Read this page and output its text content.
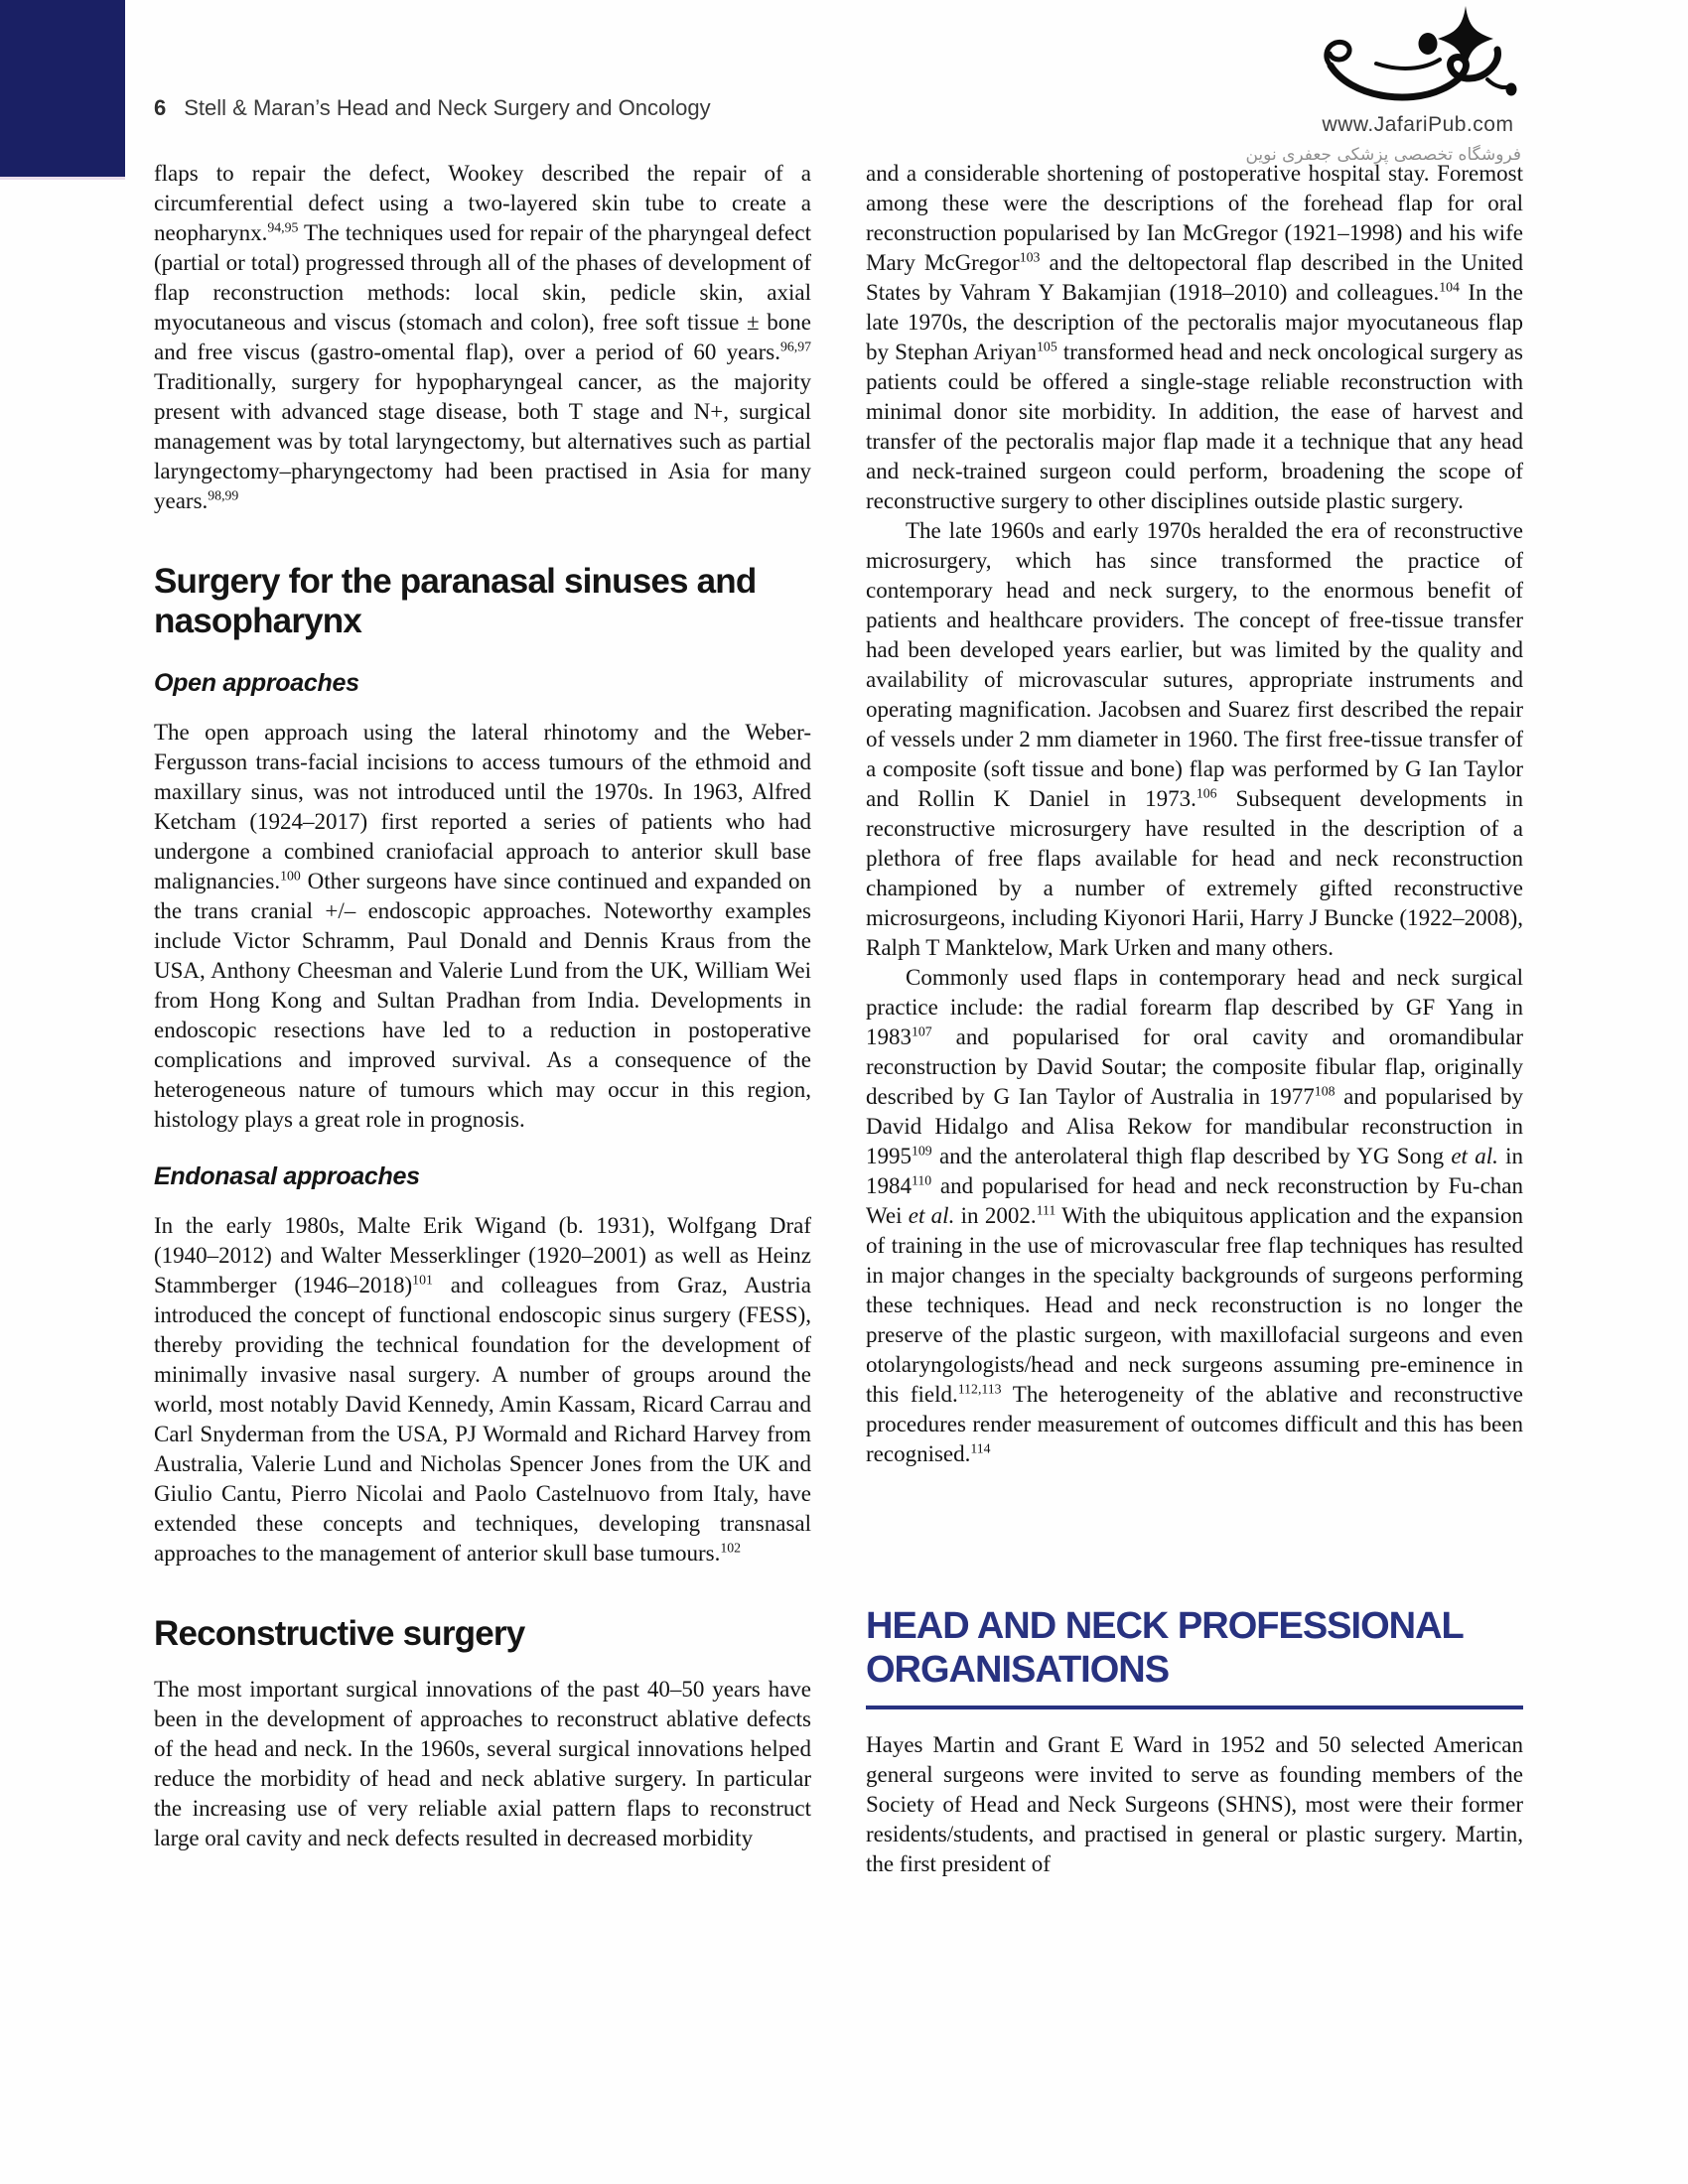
6 Stell & Maran’s Head and Neck Surgery and Oncology
www.JafariPub.com
فروشگاه تخصصی پزشکی جعفری نوین

flaps to repair the defect, Wookey described the repair of a circumferential defect using a two-layered skin tube to create a neopharynx.$^{94,95}$ The techniques used for repair of the pharyngeal defect (partial or total) progressed through all of the phases of development of flap reconstruction methods: local skin, pedicle skin, axial myocutaneous and viscus (stomach and colon), free soft tissue ± bone and free viscus (gastro-omental flap), over a period of 60 years.$^{96,97}$ Traditionally, surgery for hypopharyngeal cancer, as the majority present with advanced stage disease, both T stage and N+, surgical management was by total laryngectomy, but alternatives such as partial laryngectomy–pharyngectomy had been practised in Asia for many years.$^{98,99}$

Surgery for the paranasal sinuses and nasopharynx
Open approaches

The open approach using the lateral rhinotomy and the Weber-Fergusson trans-facial incisions to access tumours of the ethmoid and maxillary sinus, was not introduced until the 1970s. In 1963, Alfred Ketcham (1924–2017) first reported a series of patients who had undergone a combined craniofacial approach to anterior skull base malignancies.$^{100}$ Other surgeons have since continued and expanded on the trans cranial +/– endoscopic approaches. Noteworthy examples include Victor Schramm, Paul Donald and Dennis Kraus from the USA, Anthony Cheesman and Valerie Lund from the UK, William Wei from Hong Kong and Sultan Pradhan from India. Developments in endoscopic resections have led to a reduction in postoperative complications and improved survival. As a consequence of the heterogeneous nature of tumours which may occur in this region, histology plays a great role in prognosis.

Endonasal approaches

In the early 1980s, Malte Erik Wigand (b. 1931), Wolfgang Draf (1940–2012) and Walter Messerklinger (1920–2001) as well as Heinz Stammberger (1946–2018)$^{101}$ and colleagues from Graz, Austria introduced the concept of functional endoscopic sinus surgery (FESS), thereby providing the technical foundation for the development of minimally invasive nasal surgery. A number of groups around the world, most notably David Kennedy, Amin Kassam, Ricard Carrau and Carl Snyderman from the USA, PJ Wormald and Richard Harvey from Australia, Valerie Lund and Nicholas Spencer Jones from the UK and Giulio Cantu, Pierro Nicolai and Paolo Castelnuovo from Italy, have extended these concepts and techniques, developing transnasal approaches to the management of anterior skull base tumours.$^{102}$

Reconstructive surgery

The most important surgical innovations of the past 40–50 years have been in the development of approaches to reconstruct ablative defects of the head and neck. In the 1960s, several surgical innovations helped reduce the morbidity of head and neck ablative surgery. In particular the increasing use of very reliable axial pattern flaps to reconstruct large oral cavity and neck defects resulted in decreased morbidity

and a considerable shortening of postoperative hospital stay. Foremost among these were the descriptions of the forehead flap for oral reconstruction popularised by Ian McGregor (1921–1998) and his wife Mary McGregor$^{103}$ and the deltopectoral flap described in the United States by Vahram Y Bakamjian (1918–2010) and colleagues.$^{104}$ In the late 1970s, the description of the pectoralis major myocutaneous flap by Stephan Ariyan$^{105}$ transformed head and neck oncological surgery as patients could be offered a single-stage reliable reconstruction with minimal donor site morbidity. In addition, the ease of harvest and transfer of the pectoralis major flap made it a technique that any head and neck-trained surgeon could perform, broadening the scope of reconstructive surgery to other disciplines outside plastic surgery.

The late 1960s and early 1970s heralded the era of reconstructive microsurgery, which has since transformed the practice of contemporary head and neck surgery, to the enormous benefit of patients and healthcare providers. The concept of free-tissue transfer had been developed years earlier, but was limited by the quality and availability of microvascular sutures, appropriate instruments and operating magnification. Jacobsen and Suarez first described the repair of vessels under 2 mm diameter in 1960. The first free-tissue transfer of a composite (soft tissue and bone) flap was performed by G Ian Taylor and Rollin K Daniel in 1973.$^{106}$ Subsequent developments in reconstructive microsurgery have resulted in the description of a plethora of free flaps available for head and neck reconstruction championed by a number of extremely gifted reconstructive microsurgeons, including Kiyonori Harii, Harry J Buncke (1922–2008), Ralph T Manktelow, Mark Urken and many others.

Commonly used flaps in contemporary head and neck surgical practice include: the radial forearm flap described by GF Yang in 1983$^{107}$ and popularised for oral cavity and oromandibular reconstruction by David Soutar; the composite fibular flap, originally described by G Ian Taylor of Australia in 1977$^{108}$ and popularised by David Hidalgo and Alisa Rekow for mandibular reconstruction in 1995$^{109}$ and the anterolateral thigh flap described by YG Song et al. in 1984$^{110}$ and popularised for head and neck reconstruction by Fu-chan Wei et al. in 2002.$^{111}$ With the ubiquitous application and the expansion of training in the use of microvascular free flap techniques has resulted in major changes in the specialty backgrounds of surgeons performing these techniques. Head and neck reconstruction is no longer the preserve of the plastic surgeon, with maxillofacial surgeons and even otolaryngologists/head and neck surgeons assuming pre-eminence in this field.$^{112,113}$ The heterogeneity of the ablative and reconstructive procedures render measurement of outcomes difficult and this has been recognised.$^{114}$

HEAD AND NECK PROFESSIONAL ORGANISATIONS

Hayes Martin and Grant E Ward in 1952 and 50 selected American general surgeons were invited to serve as founding members of the Society of Head and Neck Surgeons (SHNS), most were their former residents/students, and practised in general or plastic surgery. Martin, the first president of
